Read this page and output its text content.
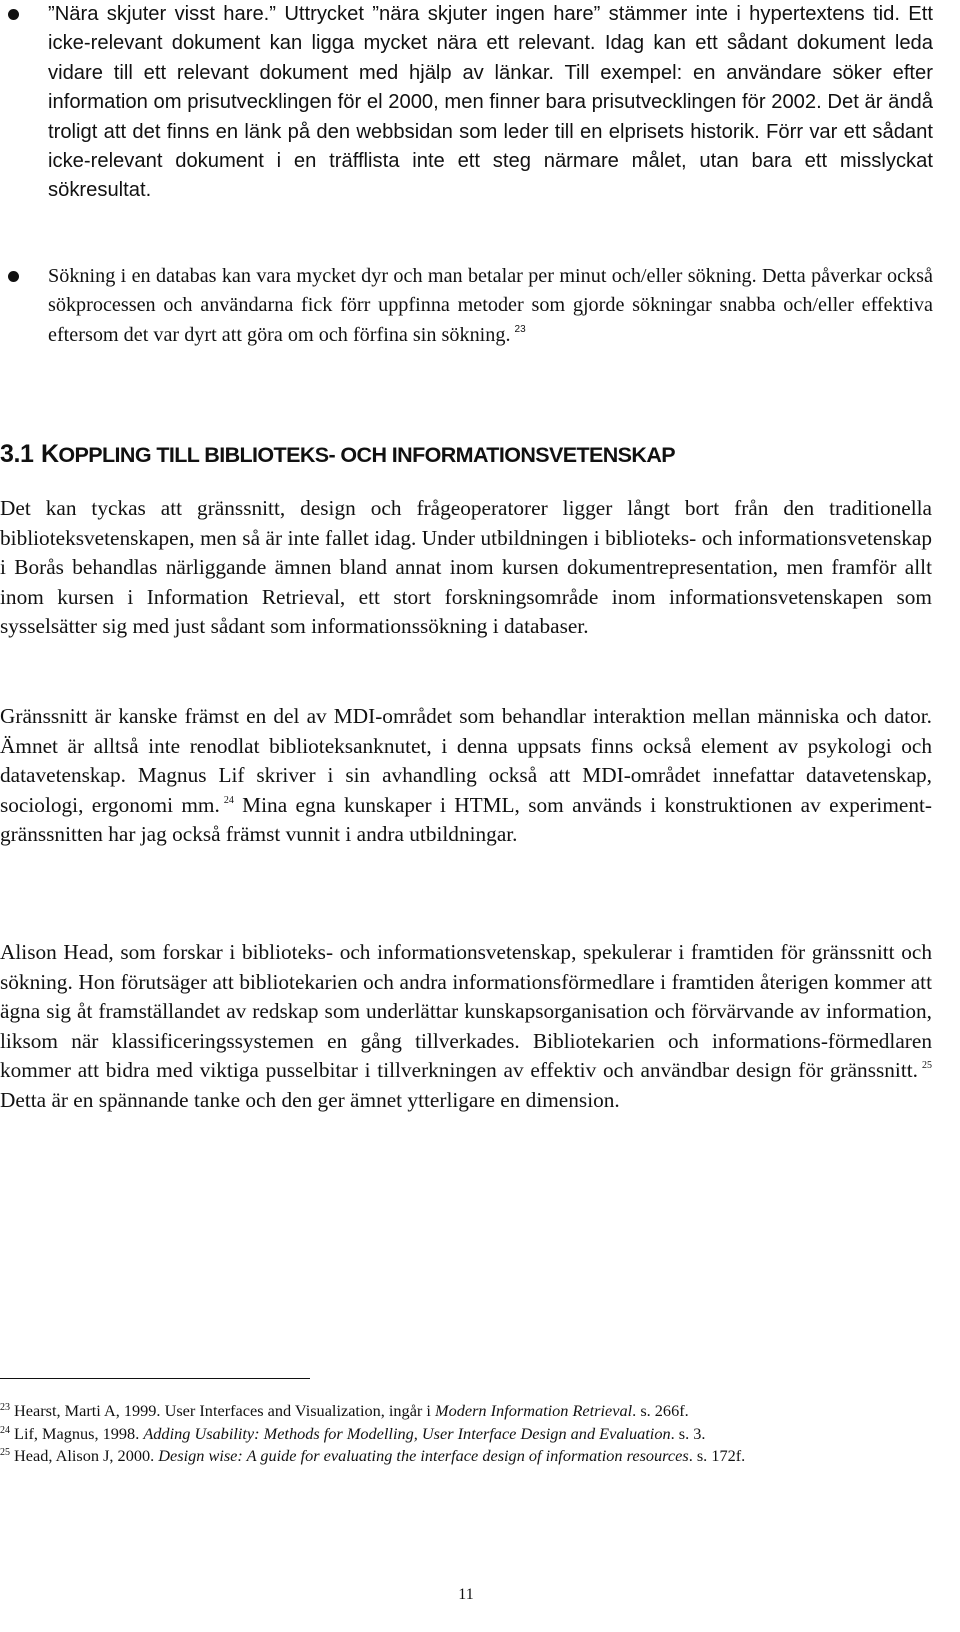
”Nära skjuter visst hare.” Uttrycket ”nära skjuter ingen hare” stämmer inte i hypertextens tid. Ett icke-relevant dokument kan ligga mycket nära ett relevant. Idag kan ett sådant dokument leda vidare till ett relevant dokument med hjälp av länkar. Till exempel: en användare söker efter information om prisutvecklingen för el 2000, men finner bara prisutvecklingen för 2002. Det är ändå troligt att det finns en länk på den webbsidan som leder till en elprisets historik. Förr var ett sådant icke-relevant dokument i en träfflista inte ett steg närmare målet, utan bara ett misslyckat sökresultat.
Sökning i en databas kan vara mycket dyr och man betalar per minut och/eller sökning. Detta påverkar också sökprocessen och användarna fick förr uppfinna metoder som gjorde sökningar snabba och/eller effektiva eftersom det var dyrt att göra om och förfina sin sökning. $^{23}$
3.1 KOPPLING TILL BIBLIOTEKS- OCH INFORMATIONSVETENSKAP
Det kan tyckas att gränssnitt, design och frågeoperatorer ligger långt bort från den traditionella biblioteksvetenskapen, men så är inte fallet idag. Under utbildningen i biblioteks- och informationsvetenskap i Borås behandlas närliggande ämnen bland annat inom kursen dokumentrepresentation, men framför allt inom kursen i Information Retrieval, ett stort forskningsområde inom informationsvetenskapen som sysselsätter sig med just sådant som informationssökning i databaser.
Gränssnitt är kanske främst en del av MDI-området som behandlar interaktion mellan människa och dator. Ämnet är alltså inte renodlat biblioteksanknutet, i denna uppsats finns också element av psykologi och datavetenskap. Magnus Lif skriver i sin avhandling också att MDI-området innefattar datavetenskap, sociologi, ergonomi mm. $^{24}$ Mina egna kunskaper i HTML, som används i konstruktionen av experiment-gränssnitten har jag också främst vunnit i andra utbildningar.
Alison Head, som forskar i biblioteks- och informationsvetenskap, spekulerar i framtiden för gränssnitt och sökning. Hon förutsäger att bibliotekarien och andra informationsförmedlare i framtiden återigen kommer att ägna sig åt framställandet av redskap som underlättar kunskapsorganisation och förvärvande av information, liksom när klassificeringssystemen en gång tillverkades. Bibliotekarien och informations-förmedlaren kommer att bidra med viktiga pusselbitar i tillverkningen av effektiv och användbar design för gränssnitt. $^{25}$ Detta är en spännande tanke och den ger ämnet ytterligare en dimension.
$^{23}$ Hearst, Marti A, 1999. User Interfaces and Visualization, ingår i Modern Information Retrieval. s. 266f.
$^{24}$ Lif, Magnus, 1998. Adding Usability: Methods for Modelling, User Interface Design and Evaluation. s. 3.
$^{25}$ Head, Alison J, 2000. Design wise: A guide for evaluating the interface design of information resources. s. 172f.
11
